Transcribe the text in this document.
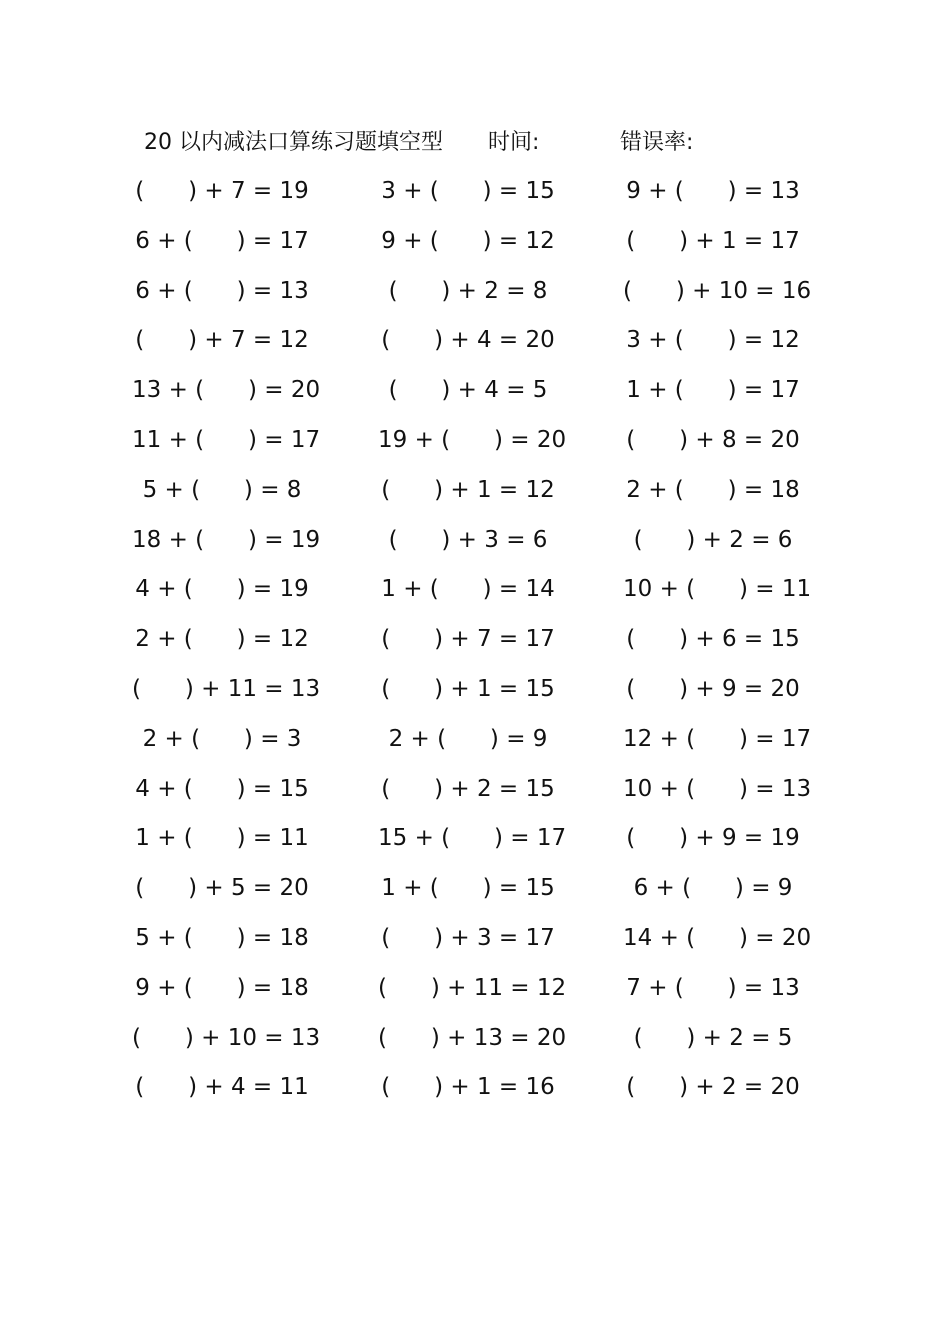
20 以内减法口算练习题填空型 时间:	错误率:
(      ) + 7 = 19	3 + (      ) = 15	9 + (      ) = 13
6 + (      ) = 17	9 + (      ) = 12	(      ) + 1 = 17
6 + (      ) = 13	(      ) + 2 = 8	(      ) + 10 = 16
(      ) + 7 = 12	(      ) + 4 = 20	3 + (      ) = 12
13 + (      ) = 20	(      ) + 4 = 5	1 + (      ) = 17
11 + (      ) = 17	19 + (      ) = 20	(      ) + 8 = 20
5 + (      ) = 8	(      ) + 1 = 12	2 + (      ) = 18
18 + (      ) = 19	(      ) + 3 = 6	(      ) + 2 = 6
4 + (      ) = 19	1 + (      ) = 14	10 + (      ) = 11
2 + (      ) = 12	(      ) + 7 = 17	(      ) + 6 = 15
(      ) + 11 = 13	(      ) + 1 = 15	(      ) + 9 = 20
2 + (      ) = 3	2 + (      ) = 9	12 + (      ) = 17
4 + (      ) = 15	(      ) + 2 = 15	10 + (      ) = 13
1 + (      ) = 11	15 + (      ) = 17	(      ) + 9 = 19
(      ) + 5 = 20	1 + (      ) = 15	6 + (      ) = 9
5 + (      ) = 18	(      ) + 3 = 17	14 + (      ) = 20
9 + (      ) = 18	(      ) + 11 = 12	7 + (      ) = 13
(      ) + 10 = 13	(      ) + 13 = 20	(      ) + 2 = 5
(      ) + 4 = 11	(      ) + 1 = 16	(      ) + 2 = 20
